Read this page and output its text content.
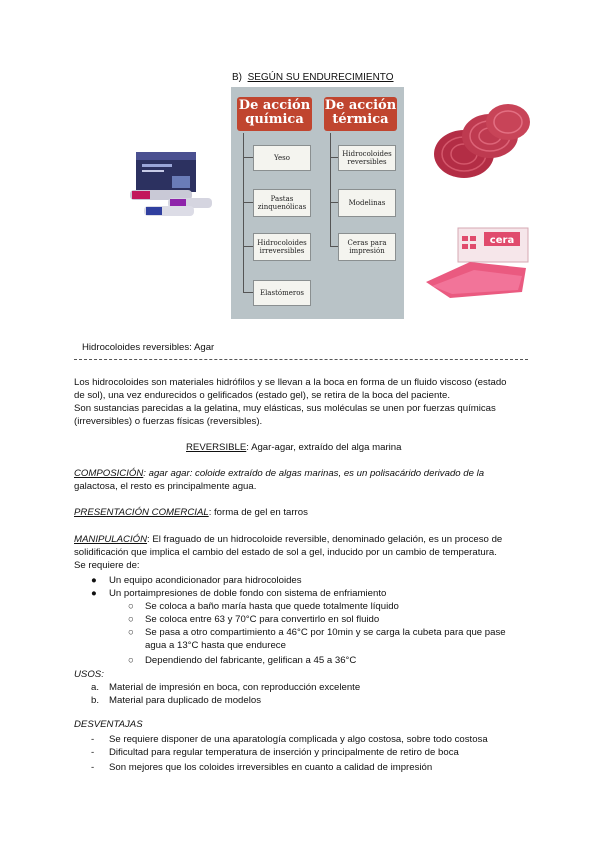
B) SEGÚN SU ENDURECIMIENTO
De acción
química
De acción
térmica
Yeso
Pastas zinquenólicas
Hidrocoloides irreversibles
Elastómeros
Hidrocoloides reversibles
Modelinas
Ceras para impresión
cera
Hidrocoloides reversibles: Agar
Los hidrocoloides son materiales hidrófilos y se llevan a la boca en forma de un fluido viscoso (estado
de sol), una vez endurecidos o gelificados (estado gel), se retira de la boca del paciente.
Son sustancias parecidas a la gelatina, muy elásticas, sus moléculas se unen por fuerzas químicas
(irreversibles) o fuerzas físicas (reversibles).
REVERSIBLE: Agar-agar, extraído del alga marina
COMPOSICIÓN: agar agar: coloide extraído de algas marinas, es un polisacárido derivado de la
galactosa, el resto es principalmente agua.
PRESENTACIÓN COMERCIAL: forma de gel en tarros
MANIPULACIÓN: El fraguado de un hidrocoloide reversible, denominado gelación, es un proceso de
solidificación que implica el cambio del estado de sol a gel, inducido por un cambio de temperatura.
Se requiere de:
● Un equipo acondicionador para hidrocoloides
● Un portaimpresiones de doble fondo con sistema de enfriamiento
○ Se coloca a baño maría hasta que quede totalmente líquido
○ Se coloca entre 63 y 70°C para convertirlo en sol fluido
○ Se pasa a otro compartimiento a 46°C por 10min y se carga la cubeta para que pase
agua a 13°C hasta que endurece
○ Dependiendo del fabricante, gelifican a 45 a 36°C
USOS:
a. Material de impresión en boca, con reproducción excelente
b. Material para duplicado de modelos
DESVENTAJAS
- Se requiere disponer de una aparatología complicada y algo costosa, sobre todo costosa
- Dificultad para regular temperatura de inserción y principalmente de retiro de boca
- Son mejores que los coloides irreversibles en cuanto a calidad de impresión
